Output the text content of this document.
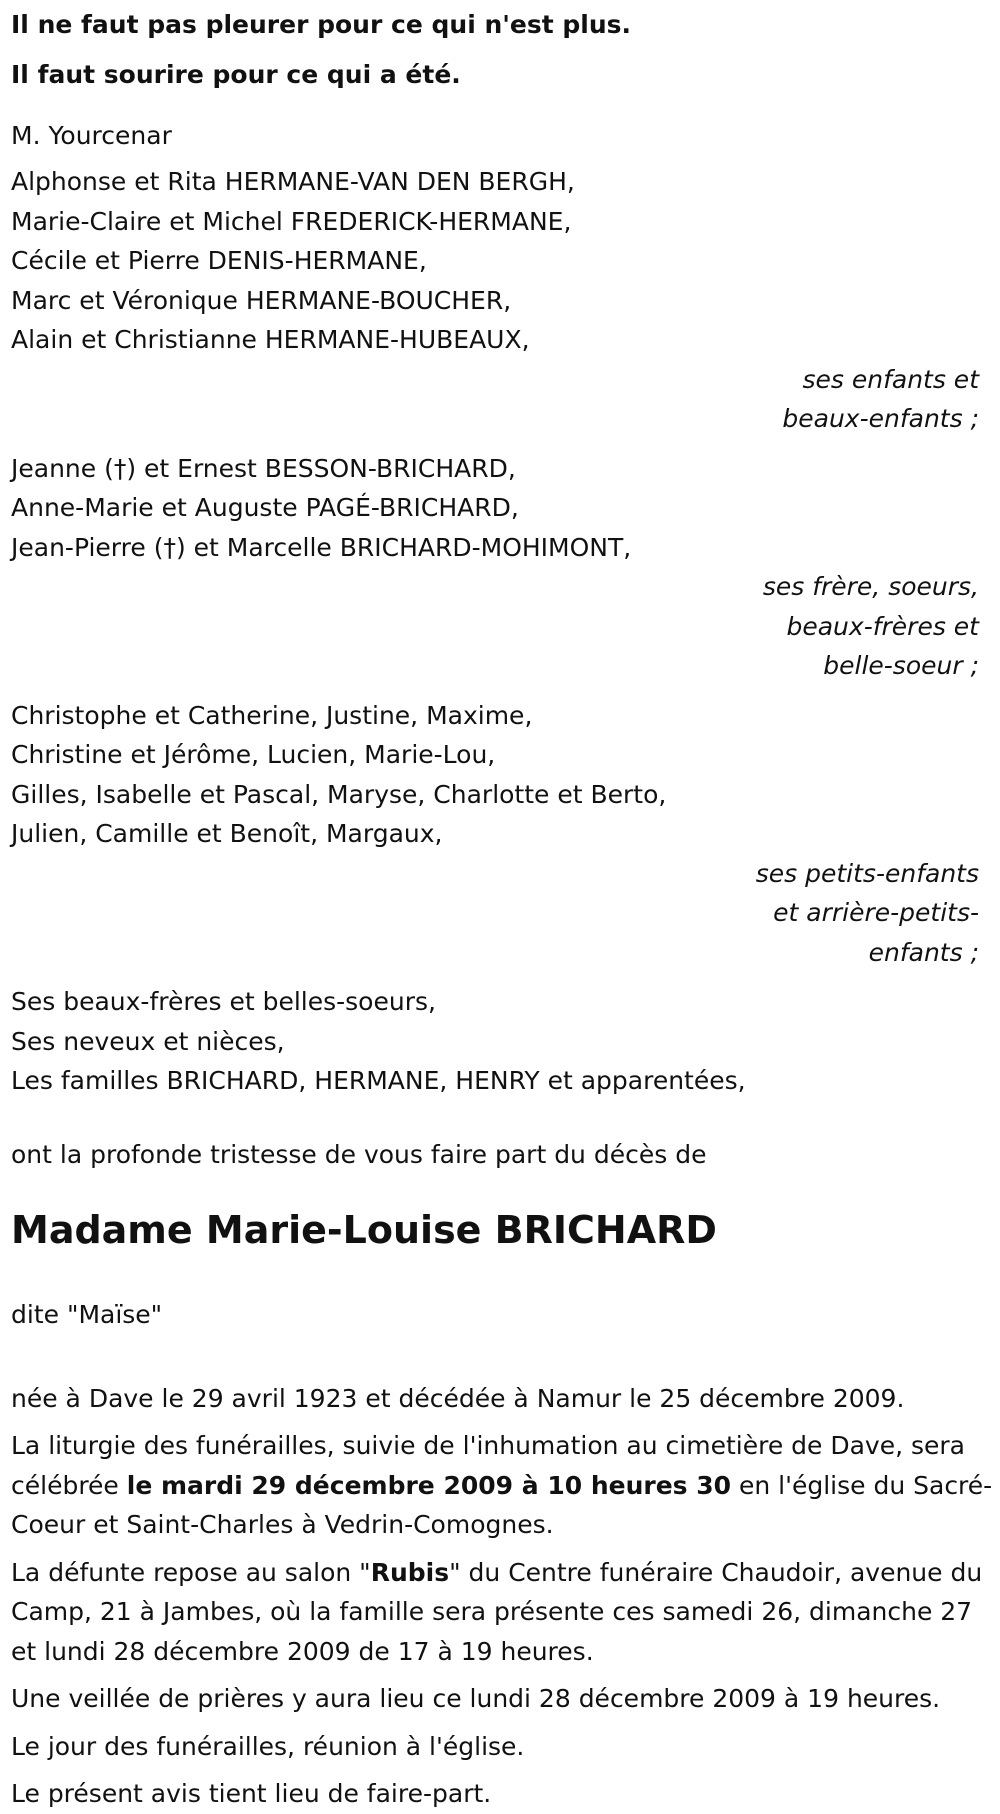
Il ne faut pas pleurer pour ce qui n'est plus.
Il faut sourire pour ce qui a été.
M. Yourcenar
Alphonse et Rita HERMANE-VAN DEN BERGH,
Marie-Claire et Michel FREDERICK-HERMANE,
Cécile et Pierre DENIS-HERMANE,
Marc et Véronique HERMANE-BOUCHER,
Alain et Christianne HERMANE-HUBEAUX,
ses enfants et
beaux-enfants ;
Jeanne (†) et Ernest BESSON-BRICHARD,
Anne-Marie et Auguste PAGÉ-BRICHARD,
Jean-Pierre (†) et Marcelle BRICHARD-MOHIMONT,
ses frère, soeurs,
beaux-frères et
belle-soeur ;
Christophe et Catherine, Justine, Maxime,
Christine et Jérôme, Lucien, Marie-Lou,
Gilles, Isabelle et Pascal, Maryse, Charlotte et Berto,
Julien, Camille et Benoît, Margaux,
ses petits-enfants
et arrière-petits-
enfants ;
Ses beaux-frères et belles-soeurs,
Ses neveux et nièces,
Les familles BRICHARD, HERMANE, HENRY et apparentées,
ont la profonde tristesse de vous faire part du décès de
Madame Marie-Louise BRICHARD
dite "Maïse"
née à Dave le 29 avril 1923 et décédée à Namur le 25 décembre 2009.
La liturgie des funérailles, suivie de l'inhumation au cimetière de Dave, sera célébrée le mardi 29 décembre 2009 à 10 heures 30 en l'église du Sacré-Coeur et Saint-Charles à Vedrin-Comognes.
La défunte repose au salon "Rubis" du Centre funéraire Chaudoir, avenue du Camp, 21 à Jambes, où la famille sera présente ces samedi 26, dimanche 27 et lundi 28 décembre 2009 de 17 à 19 heures.
Une veillée de prières y aura lieu ce lundi 28 décembre 2009 à 19 heures.
Le jour des funérailles, réunion à l'église.
Le présent avis tient lieu de faire-part.
